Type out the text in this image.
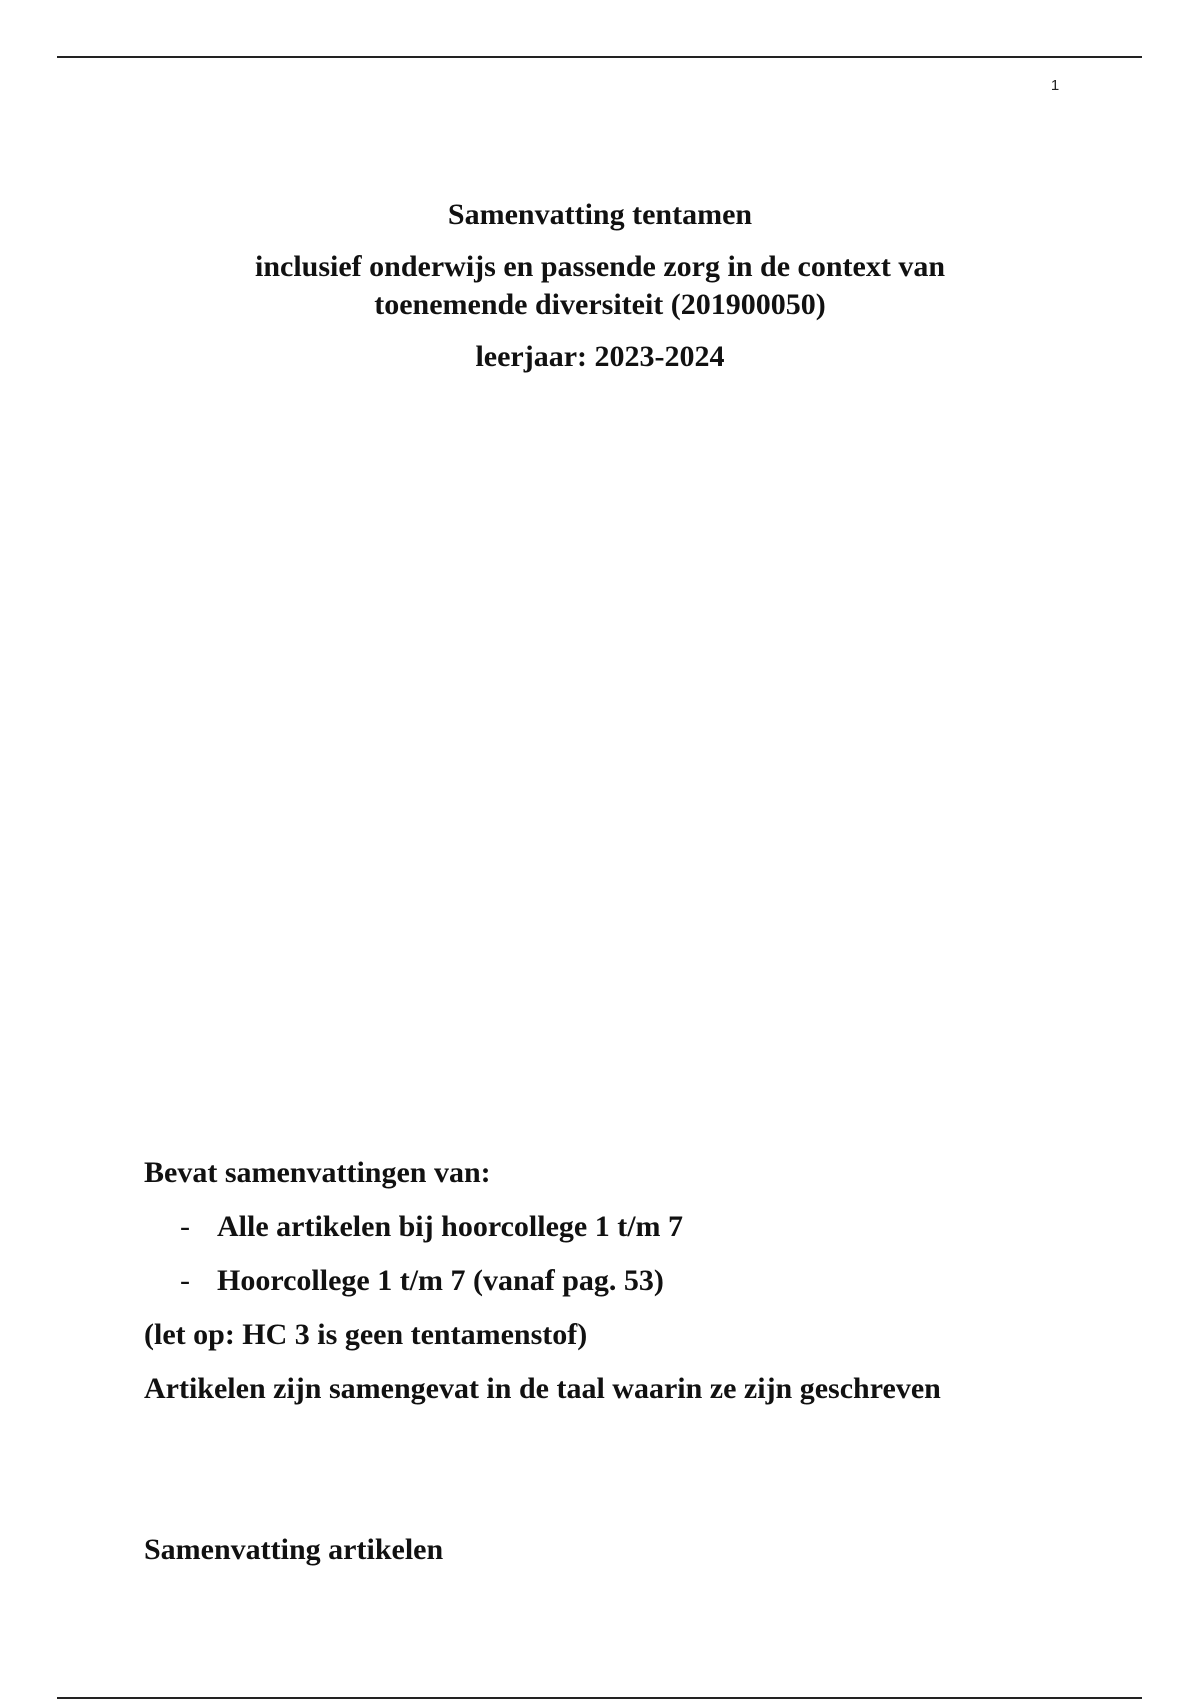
1

Samenvatting tentamen

inclusief onderwijs en passende zorg in de context van

toenemende diversiteit (201900050)

leerjaar: 2023-2024

Bevat samenvattingen van:
- Alle artikelen bij hoorcollege 1 t/m 7
- Hoorcollege 1 t/m 7 (vanaf pag. 53)
(let op: HC 3 is geen tentamenstof)
Artikelen zijn samengevat in de taal waarin ze zijn geschreven
Samenvatting artikelen
